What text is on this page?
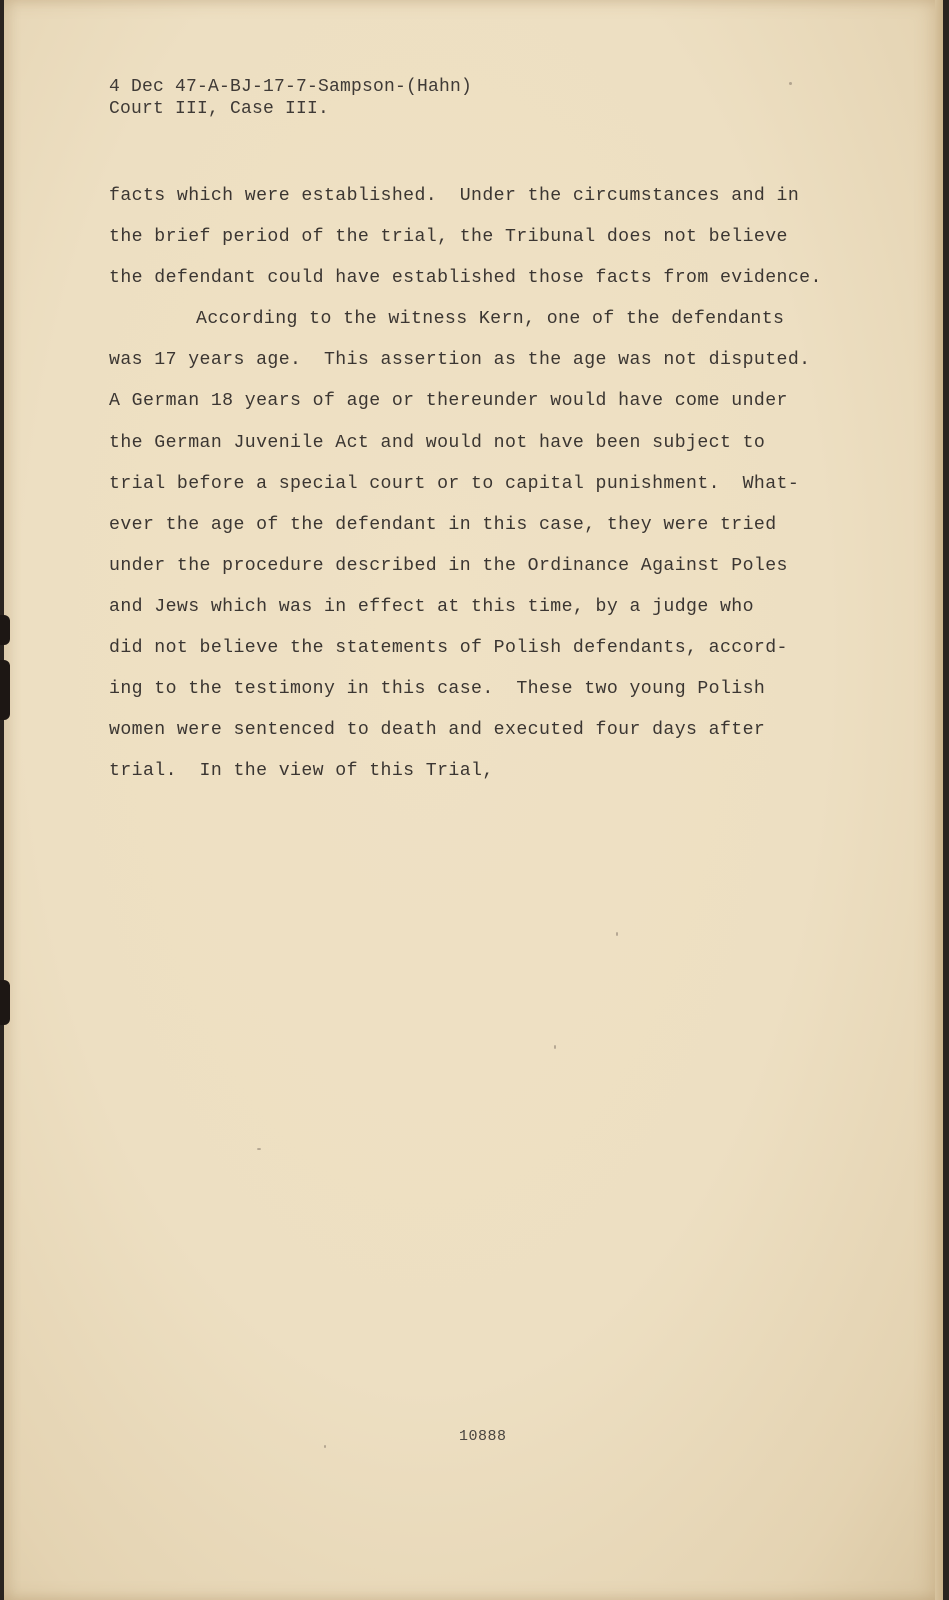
4 Dec 47-A-BJ-17-7-Sampson-(Hahn)
Court III, Case III.
facts which were established.  Under the circumstances and in
the brief period of the trial, the Tribunal does not believe
the defendant could have established those facts from evidence.
According to the witness Kern, one of the defendants
was 17 years age.  This assertion as the age was not disputed.
A German 18 years of age or thereunder would have come under
the German Juvenile Act and would not have been subject to
trial before a special court or to capital punishment.  What-
ever the age of the defendant in this case, they were tried
under the procedure described in the Ordinance Against Poles
and Jews which was in effect at this time, by a judge who
did not believe the statements of Polish defendants, accord-
ing to the testimony in this case.  These two young Polish
women were sentenced to death and executed four days after
trial.  In the view of this Trial,
10888
